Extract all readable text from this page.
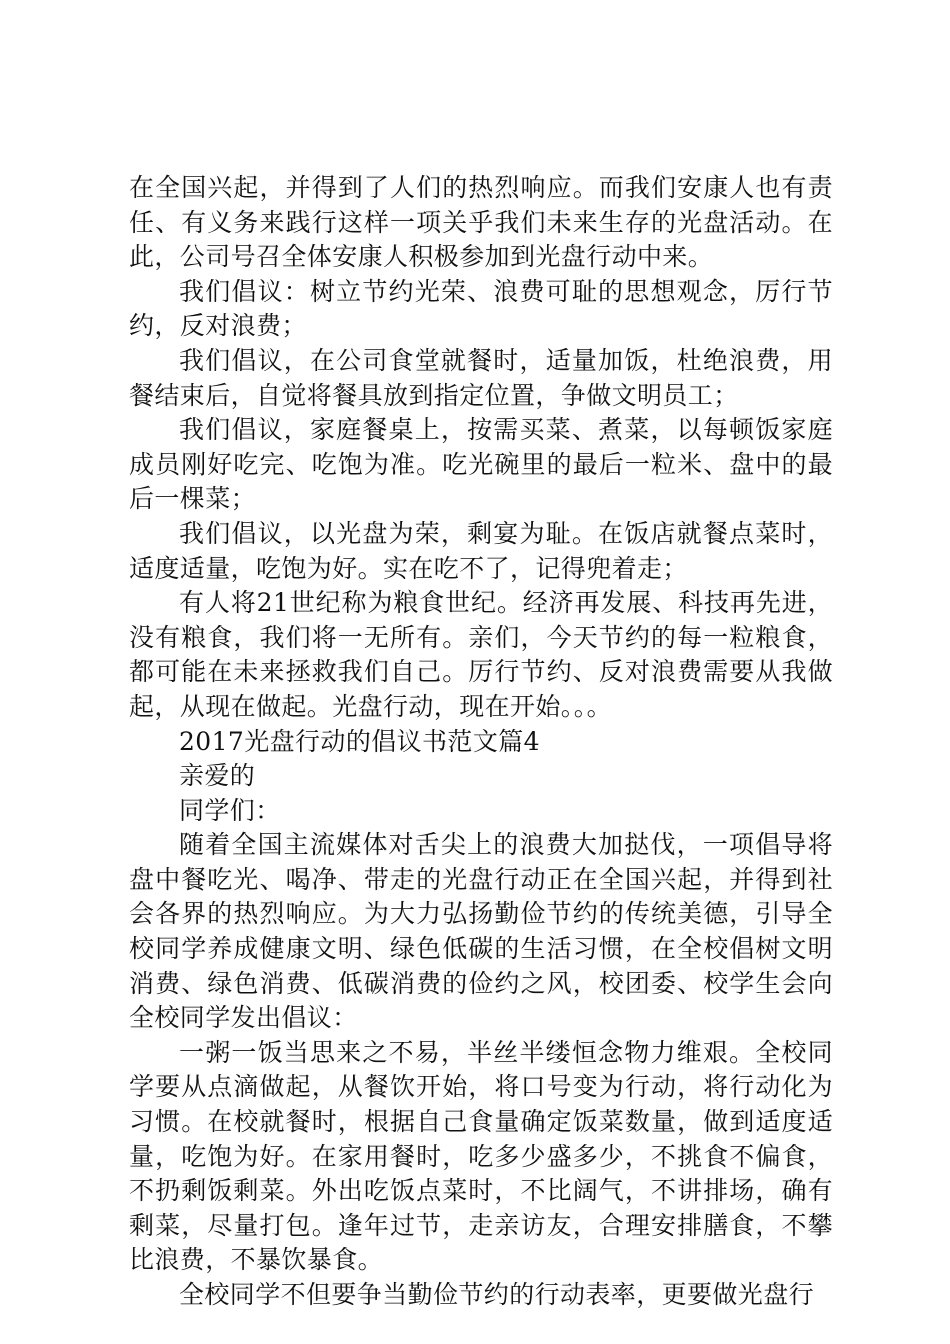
在全国兴起，并得到了人们的热烈响应。而我们安康人也有责任、有义务来践行这样一项关乎我们未来生存的光盘活动。在此，公司号召全体安康人积极参加到光盘行动中来。

我们倡议：树立节约光荣、浪费可耻的思想观念，厉行节约，反对浪费；

我们倡议，在公司食堂就餐时，适量加饭，杜绝浪费，用餐结束后，自觉将餐具放到指定位置，争做文明员工；

我们倡议，家庭餐桌上，按需买菜、煮菜，以每顿饭家庭成员刚好吃完、吃饱为准。吃光碗里的最后一粒米、盘中的最后一棵菜；

我们倡议，以光盘为荣，剩宴为耻。在饭店就餐点菜时，适度适量，吃饱为好。实在吃不了，记得兜着走；

有人将21世纪称为粮食世纪。经济再发展、科技再先进，没有粮食，我们将一无所有。亲们，今天节约的每一粒粮食，都可能在未来拯救我们自己。厉行节约、反对浪费需要从我做起，从现在做起。光盘行动，现在开始。。。

2017光盘行动的倡议书范文篇4

亲爱的

同学们：

随着全国主流媒体对舌尖上的浪费大加挞伐，一项倡导将盘中餐吃光、喝净、带走的光盘行动正在全国兴起，并得到社会各界的热烈响应。为大力弘扬勤俭节约的传统美德，引导全校同学养成健康文明、绿色低碳的生活习惯，在全校倡树文明消费、绿色消费、低碳消费的俭约之风，校团委、校学生会向全校同学发出倡议：

一粥一饭当思来之不易，半丝半缕恒念物力维艰。全校同学要从点滴做起，从餐饮开始，将口号变为行动，将行动化为习惯。在校就餐时，根据自己食量确定饭菜数量，做到适度适量，吃饱为好。在家用餐时，吃多少盛多少，不挑食不偏食，不扔剩饭剩菜。外出吃饭点菜时，不比阔气，不讲排场，确有剩菜，尽量打包。逢年过节，走亲访友，合理安排膳食，不攀比浪费，不暴饮暴食。

全校同学不但要争当勤俭节约的行动表率，更要做光盘行
